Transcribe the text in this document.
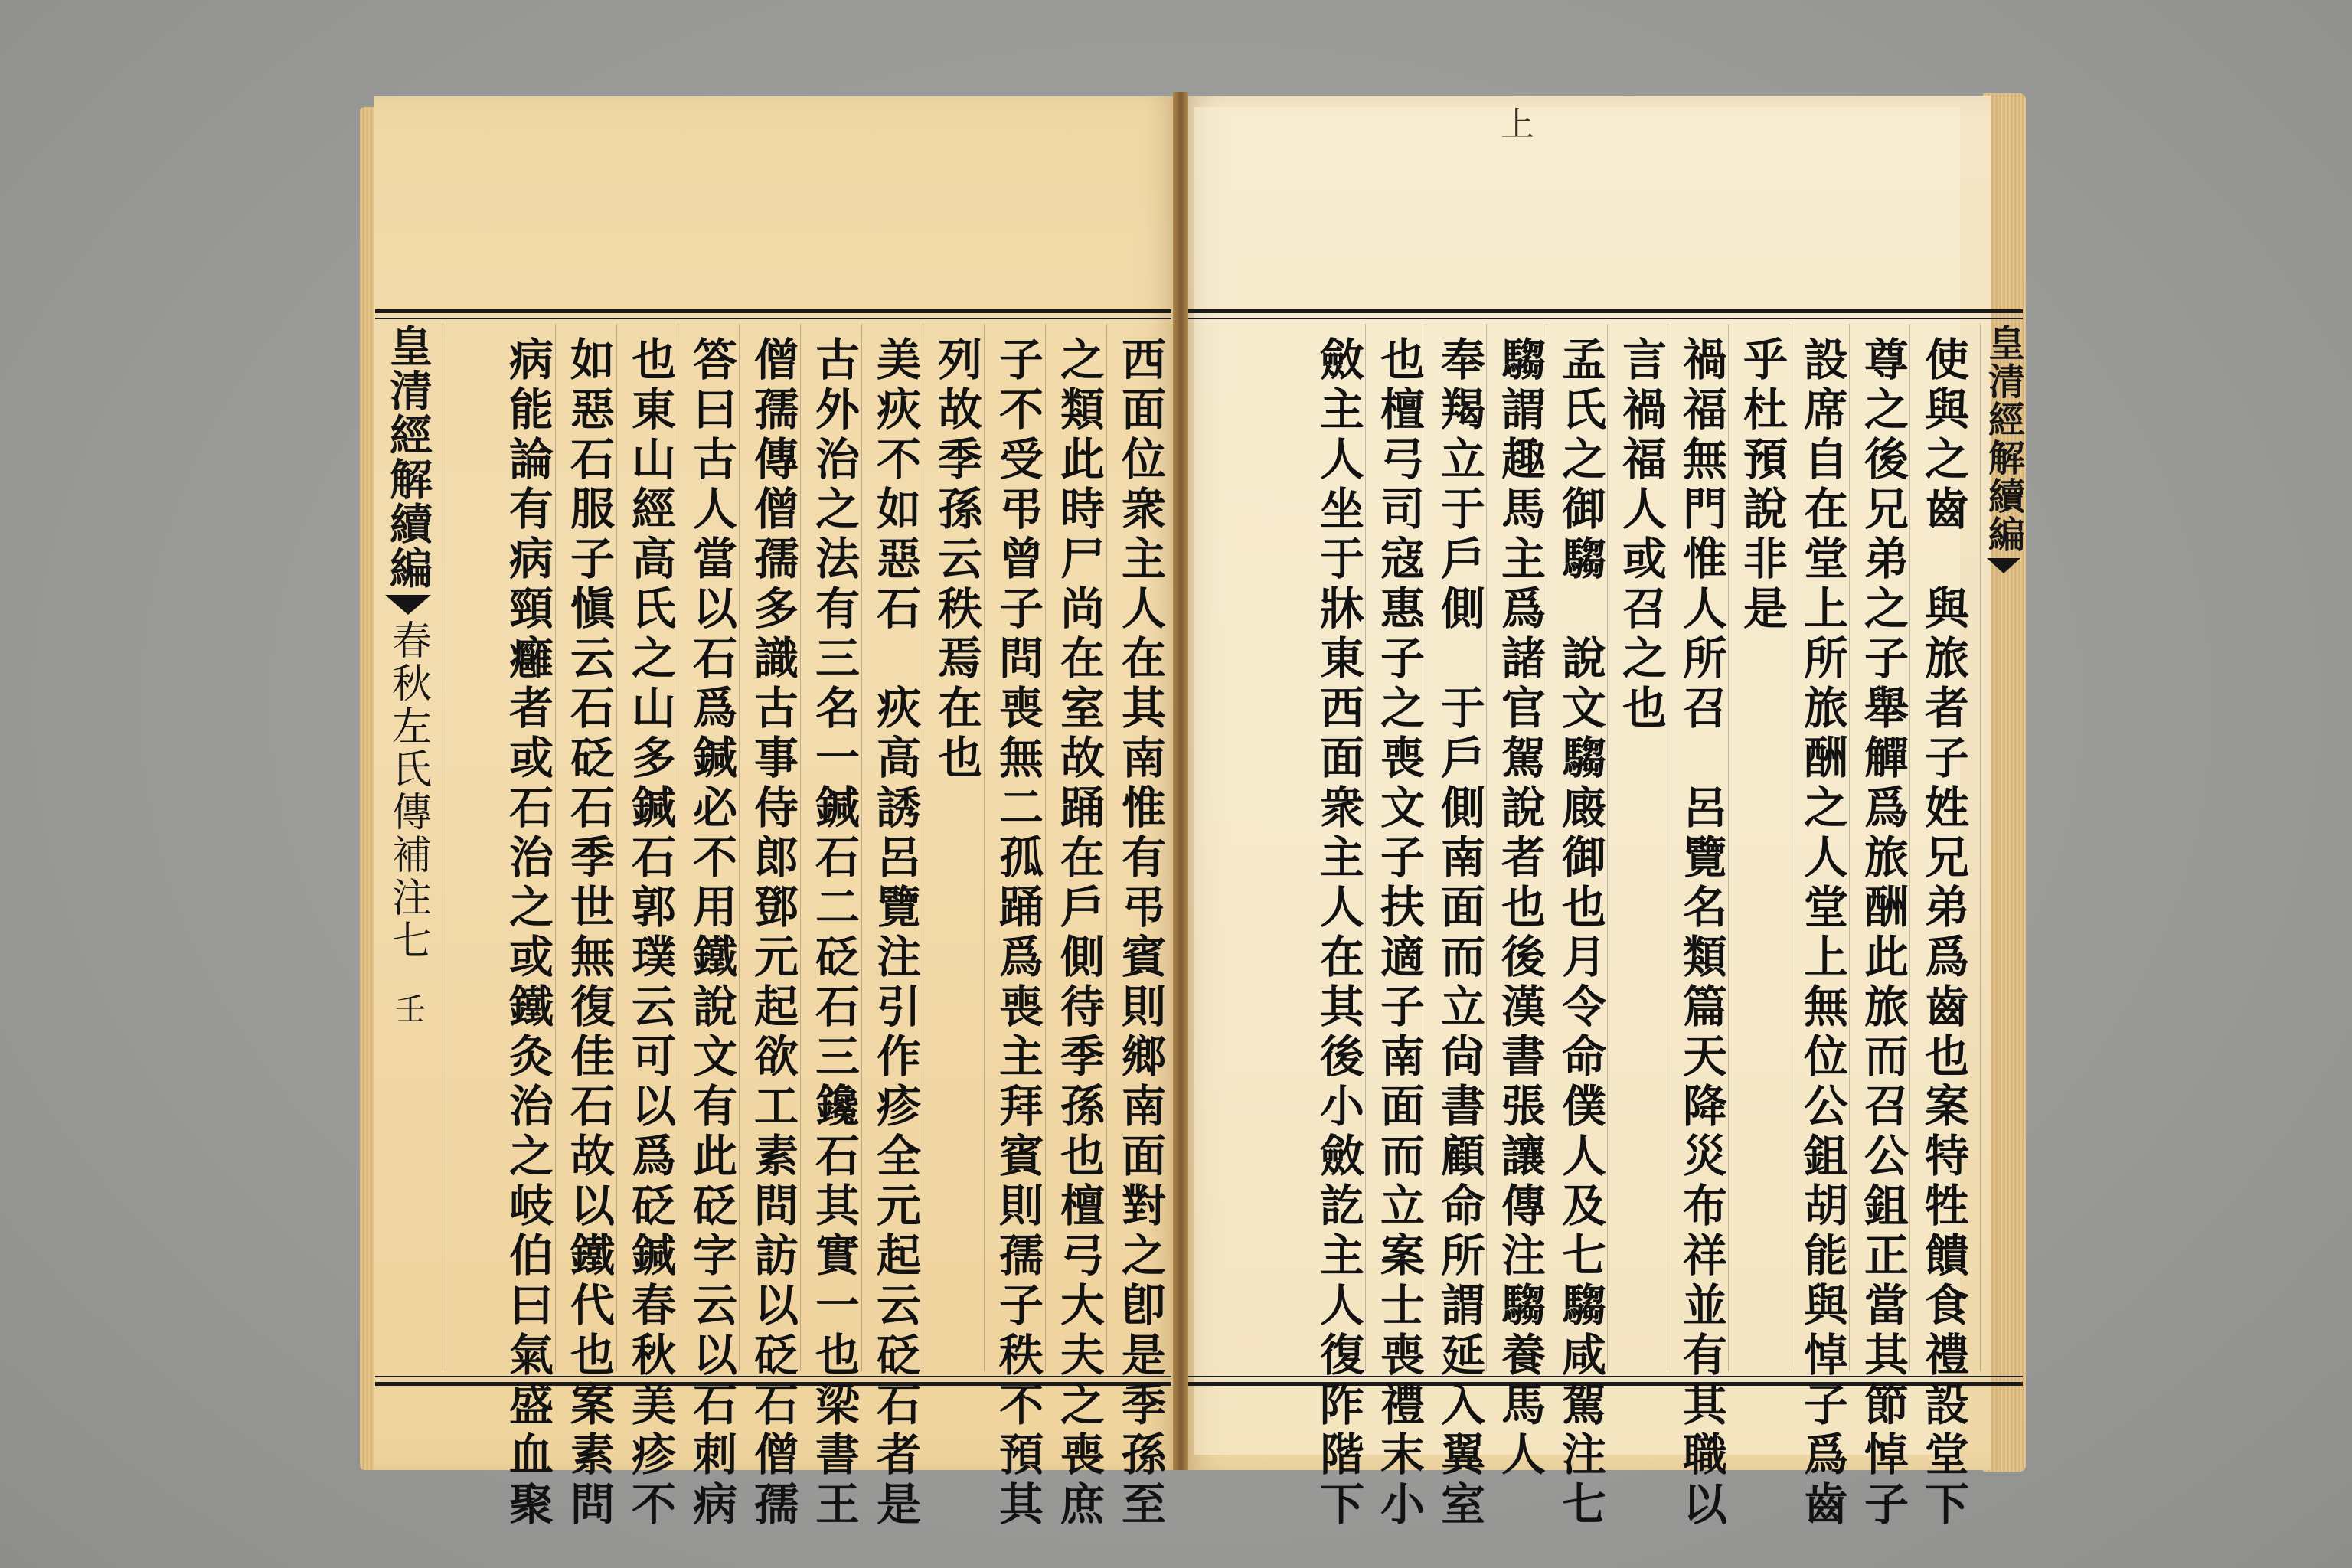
上
皇清經解續編
春秋左氏傳補注七
壬	西面位衆主人在其南惟有弔賓則鄉南面對之卽是季孫至
之類此時尸尚在室故踊在戶側待季孫也檀弓大夫之喪庶
子不受弔曾子問喪無二孤踊爲喪主拜賓則孺子秩不預其
列故季孫云秩焉在也
美疢不如惡石　疢高誘呂覽注引作疹全元起云砭石者是
古外治之法有三名一鍼石二砭石三鑱石其實一也梁書王
僧孺傳僧孺多識古事侍郎鄧元起欲工素問訪以砭石僧孺
答曰古人當以石爲鍼必不用鐵說文有此砭字云以石刺病
也東山經高氏之山多鍼石郭璞云可以爲砭鍼春秋美疹不
如惡石服子愼云石砭石季世無復佳石故以鐵代也案素問
病能論有病頸癰者或石治之或鐵灸治之岐伯曰氣盛血聚	使與之齒　與旅者子姓兄弟爲齒也案特牲饋食禮設堂下
尊之後兄弟之子舉觶爲旅酬此旅而召公鉏正當其節悼子
設席自在堂上所旅酬之人堂上無位公鉏胡能與悼子爲齒
乎杜預說非是
禍福無門惟人所召　呂覽名類篇天降災布祥並有其職以
言禍福人或召之也
孟氏之御騶　說文騶廄御也月令命僕人及七騶咸駕注七
騶謂趣馬主爲諸官駕說者也後漢書張讓傳注騶養馬人
奉羯立于戶側　于戶側南面而立尙書顧命所謂延入翼室
也檀弓司寇惠子之喪文子扶適子南面而立案士喪禮末小
斂主人坐于牀東西面衆主人在其後小斂訖主人復阼階下	皇清經解續編
